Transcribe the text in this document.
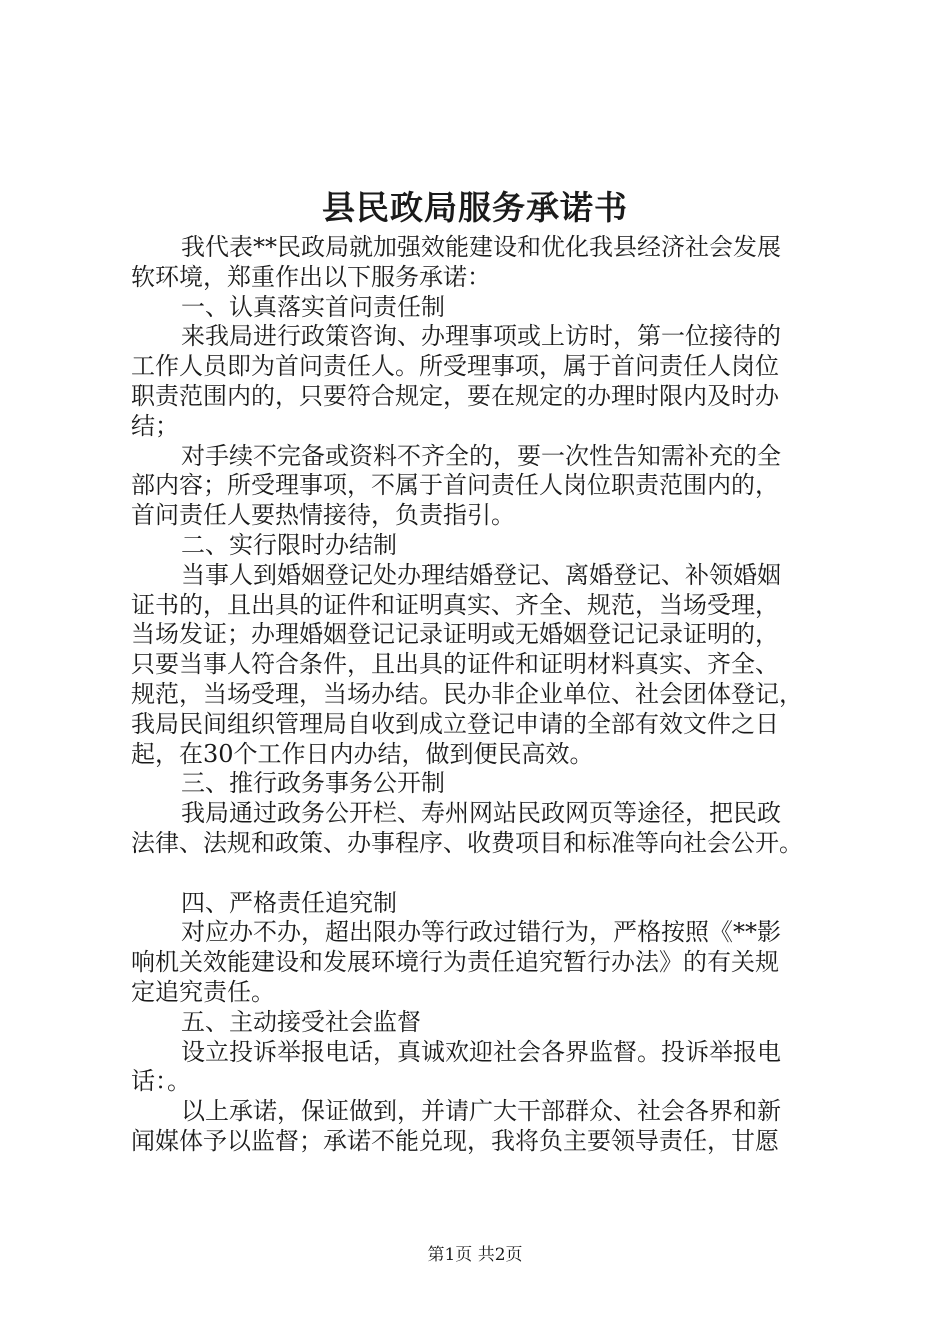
县民政局服务承诺书
我代表**民政局就加强效能建设和优化我县经济社会发展
软环境，郑重作出以下服务承诺：
一、认真落实首问责任制
来我局进行政策咨询、办理事项或上访时，第一位接待的
工作人员即为首问责任人。所受理事项，属于首问责任人岗位
职责范围内的，只要符合规定，要在规定的办理时限内及时办
结；
对手续不完备或资料不齐全的，要一次性告知需补充的全
部内容；所受理事项，不属于首问责任人岗位职责范围内的，
首问责任人要热情接待，负责指引。
二、实行限时办结制
当事人到婚姻登记处办理结婚登记、离婚登记、补领婚姻
证书的，且出具的证件和证明真实、齐全、规范，当场受理，
当场发证；办理婚姻登记记录证明或无婚姻登记记录证明的，
只要当事人符合条件，且出具的证件和证明材料真实、齐全、
规范，当场受理，当场办结。民办非企业单位、社会团体登记，
我局民间组织管理局自收到成立登记申请的全部有效文件之日
起，在30个工作日内办结，做到便民高效。
三、推行政务事务公开制
我局通过政务公开栏、寿州网站民政网页等途径，把民政
法律、法规和政策、办事程序、收费项目和标准等向社会公开。
四、严格责任追究制
对应办不办，超出限办等行政过错行为，严格按照《**影
响机关效能建设和发展环境行为责任追究暂行办法》的有关规
定追究责任。
五、主动接受社会监督
设立投诉举报电话，真诚欢迎社会各界监督。投诉举报电
话：。
以上承诺，保证做到，并请广大干部群众、社会各界和新
闻媒体予以监督；承诺不能兑现，我将负主要领导责任，甘愿
第1页 共2页
